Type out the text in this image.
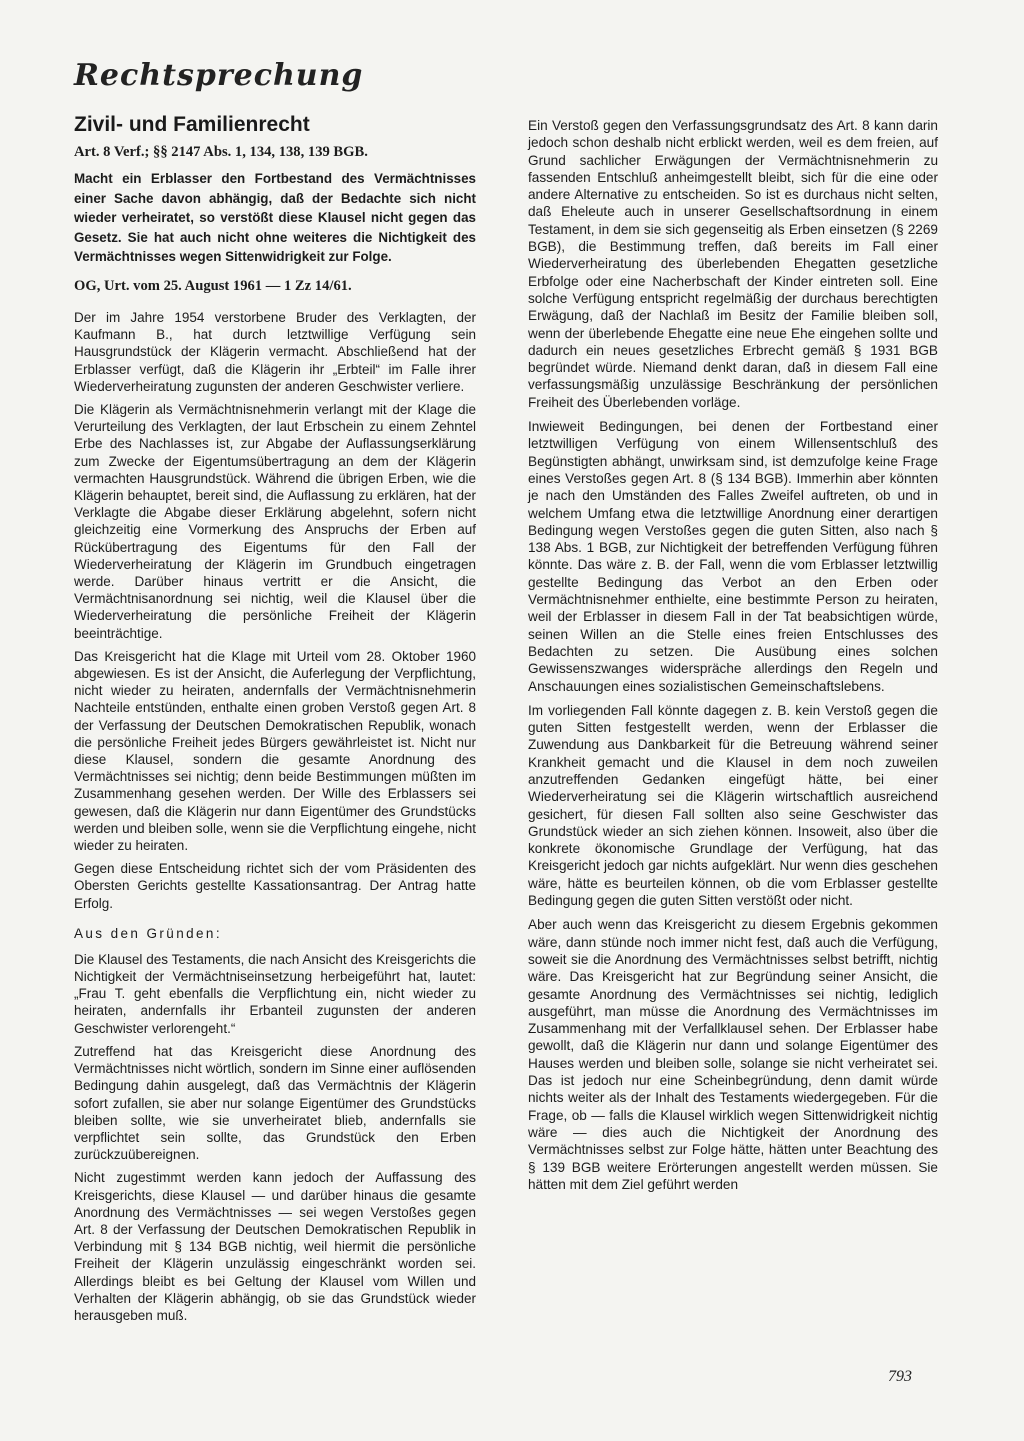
Rechtsprechung
Zivil- und Familienrecht
Art. 8 Verf.; §§ 2147 Abs. 1, 134, 138, 139 BGB.
Macht ein Erblasser den Fortbestand des Vermächtnisses einer Sache davon abhängig, daß der Bedachte sich nicht wieder verheiratet, so verstößt diese Klausel nicht gegen das Gesetz. Sie hat auch nicht ohne weiteres die Nichtigkeit des Vermächtnisses wegen Sittenwidrigkeit zur Folge.
OG, Urt. vom 25. August 1961 — 1 Zz 14/61.

Der im Jahre 1954 verstorbene Bruder des Verklagten, der Kaufmann B., hat durch letztwillige Verfügung sein Hausgrundstück der Klägerin vermacht. Abschließend hat der Erblasser verfügt, daß die Klägerin ihr „Erbteil“ im Falle ihrer Wiederverheiratung zugunsten der anderen Geschwister verliere.

Die Klägerin als Vermächtnisnehmerin verlangt mit der Klage die Verurteilung des Verklagten, der laut Erbschein zu einem Zehntel Erbe des Nachlasses ist, zur Abgabe der Auflassungserklärung zum Zwecke der Eigentumsübertragung an dem der Klägerin vermachten Hausgrundstück. Während die übrigen Erben, wie die Klägerin behauptet, bereit sind, die Auflassung zu erklären, hat der Verklagte die Abgabe dieser Erklärung abgelehnt, sofern nicht gleichzeitig eine Vormerkung des Anspruchs der Erben auf Rückübertragung des Eigentums für den Fall der Wiederverheiratung der Klägerin im Grundbuch eingetragen werde. Darüber hinaus vertritt er die Ansicht, die Vermächtnisanordnung sei nichtig, weil die Klausel über die Wiederverheiratung die persönliche Freiheit der Klägerin beeinträchtige.

Das Kreisgericht hat die Klage mit Urteil vom 28. Oktober 1960 abgewiesen. Es ist der Ansicht, die Auferlegung der Verpflichtung, nicht wieder zu heiraten, andernfalls der Vermächtnisnehmerin Nachteile entstünden, enthalte einen groben Verstoß gegen Art. 8 der Verfassung der Deutschen Demokratischen Republik, wonach die persönliche Freiheit jedes Bürgers gewährleistet ist. Nicht nur diese Klausel, sondern die gesamte Anordnung des Vermächtnisses sei nichtig; denn beide Bestimmungen müßten im Zusammenhang gesehen werden. Der Wille des Erblassers sei gewesen, daß die Klägerin nur dann Eigentümer des Grundstücks werden und bleiben solle, wenn sie die Verpflichtung eingehe, nicht wieder zu heiraten.

Gegen diese Entscheidung richtet sich der vom Präsidenten des Obersten Gerichts gestellte Kassationsantrag. Der Antrag hatte Erfolg.

Aus den Gründen:

Die Klausel des Testaments, die nach Ansicht des Kreisgerichts die Nichtigkeit der Vermächtniseinsetzung herbeigeführt hat, lautet: „Frau T. geht ebenfalls die Verpflichtung ein, nicht wieder zu heiraten, andernfalls ihr Erbanteil zugunsten der anderen Geschwister verlorengeht.“

Zutreffend hat das Kreisgericht diese Anordnung des Vermächtnisses nicht wörtlich, sondern im Sinne einer auflösenden Bedingung dahin ausgelegt, daß das Vermächtnis der Klägerin sofort zufallen, sie aber nur solange Eigentümer des Grundstücks bleiben sollte, wie sie unverheiratet blieb, andernfalls sie verpflichtet sein sollte, das Grundstück den Erben zurückzuübereignen.

Nicht zugestimmt werden kann jedoch der Auffassung des Kreisgerichts, diese Klausel — und darüber hinaus die gesamte Anordnung des Vermächtnisses — sei wegen Verstoßes gegen Art. 8 der Verfassung der Deutschen Demokratischen Republik in Verbindung mit § 134 BGB nichtig, weil hiermit die persönliche Freiheit der Klägerin unzulässig eingeschränkt worden sei. Allerdings bleibt es bei Geltung der Klausel vom Willen und Verhalten der Klägerin abhängig, ob sie das Grundstück wieder herausgeben muß.

Ein Verstoß gegen den Verfassungsgrundsatz des Art. 8 kann darin jedoch schon deshalb nicht erblickt werden, weil es dem freien, auf Grund sachlicher Erwägungen der Vermächtnisnehmerin zu fassenden Entschluß anheimgestellt bleibt, sich für die eine oder andere Alternative zu entscheiden. So ist es durchaus nicht selten, daß Eheleute auch in unserer Gesellschaftsordnung in einem Testament, in dem sie sich gegenseitig als Erben einsetzen (§ 2269 BGB), die Bestimmung treffen, daß bereits im Fall einer Wiederverheiratung des überlebenden Ehegatten gesetzliche Erbfolge oder eine Nacherbschaft der Kinder eintreten soll. Eine solche Verfügung entspricht regelmäßig der durchaus berechtigten Erwägung, daß der Nachlaß im Besitz der Familie bleiben soll, wenn der überlebende Ehegatte eine neue Ehe eingehen sollte und dadurch ein neues gesetzliches Erbrecht gemäß § 1931 BGB begründet würde. Niemand denkt daran, daß in diesem Fall eine verfassungsmäßig unzulässige Beschränkung der persönlichen Freiheit des Überlebenden vorläge.

Inwieweit Bedingungen, bei denen der Fortbestand einer letztwilligen Verfügung von einem Willensentschluß des Begünstigten abhängt, unwirksam sind, ist demzufolge keine Frage eines Verstoßes gegen Art. 8 (§ 134 BGB). Immerhin aber könnten je nach den Umständen des Falles Zweifel auftreten, ob und in welchem Umfang etwa die letztwillige Anordnung einer derartigen Bedingung wegen Verstoßes gegen die guten Sitten, also nach § 138 Abs. 1 BGB, zur Nichtigkeit der betreffenden Verfügung führen könnte. Das wäre z. B. der Fall, wenn die vom Erblasser letztwillig gestellte Bedingung das Verbot an den Erben oder Vermächtnisnehmer enthielte, eine bestimmte Person zu heiraten, weil der Erblasser in diesem Fall in der Tat beabsichtigen würde, seinen Willen an die Stelle eines freien Entschlusses des Bedachten zu setzen. Die Ausübung eines solchen Gewissenszwanges widerspräche allerdings den Regeln und Anschauungen eines sozialistischen Gemeinschaftslebens.

Im vorliegenden Fall könnte dagegen z. B. kein Verstoß gegen die guten Sitten festgestellt werden, wenn der Erblasser die Zuwendung aus Dankbarkeit für die Betreuung während seiner Krankheit gemacht und die Klausel in dem noch zuweilen anzutreffenden Gedanken eingefügt hätte, bei einer Wiederverheiratung sei die Klägerin wirtschaftlich ausreichend gesichert, für diesen Fall sollten also seine Geschwister das Grundstück wieder an sich ziehen können. Insoweit, also über die konkrete ökonomische Grundlage der Verfügung, hat das Kreisgericht jedoch gar nichts aufgeklärt. Nur wenn dies geschehen wäre, hätte es beurteilen können, ob die vom Erblasser gestellte Bedingung gegen die guten Sitten verstößt oder nicht.

Aber auch wenn das Kreisgericht zu diesem Ergebnis gekommen wäre, dann stünde noch immer nicht fest, daß auch die Verfügung, soweit sie die Anordnung des Vermächtnisses selbst betrifft, nichtig wäre. Das Kreisgericht hat zur Begründung seiner Ansicht, die gesamte Anordnung des Vermächtnisses sei nichtig, lediglich ausgeführt, man müsse die Anordnung des Vermächtnisses im Zusammenhang mit der Verfallklausel sehen. Der Erblasser habe gewollt, daß die Klägerin nur dann und solange Eigentümer des Hauses werden und bleiben solle, solange sie nicht verheiratet sei. Das ist jedoch nur eine Scheinbegründung, denn damit würde nichts weiter als der Inhalt des Testaments wiedergegeben. Für die Frage, ob — falls die Klausel wirklich wegen Sittenwidrigkeit nichtig wäre — dies auch die Nichtigkeit der Anordnung des Vermächtnisses selbst zur Folge hätte, hätten unter Beachtung des § 139 BGB weitere Erörterungen angestellt werden müssen. Sie hätten mit dem Ziel geführt werden

793
